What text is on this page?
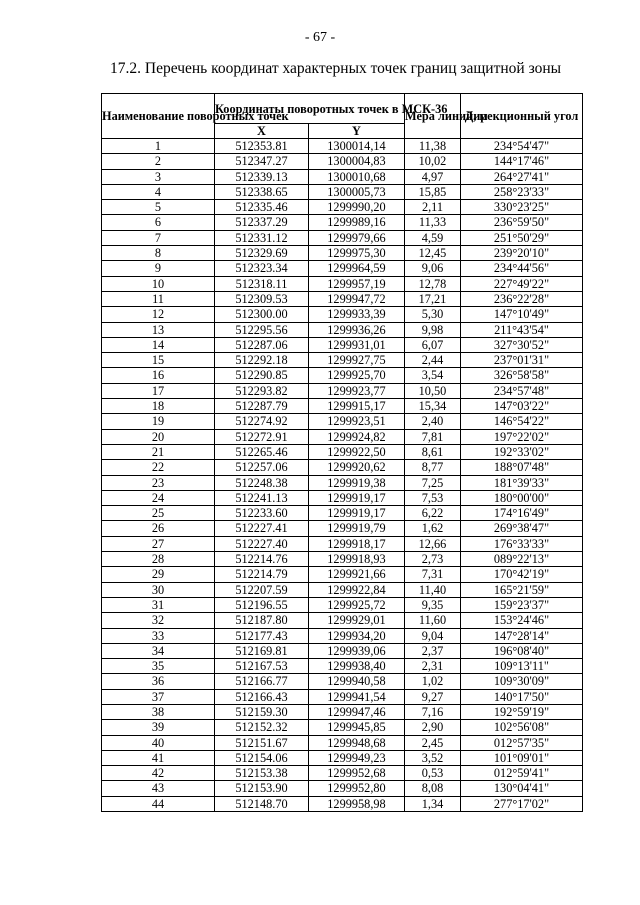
- 67 -
17.2. Перечень координат характерных точек границ защитной зоны
Наименование поворотных точек	Координаты поворотных точек в МСК-36		Мера линий, м	Дирекционный угол
	X	Y		
1	512353.81	1300014,14	11,38	234°54'47"
2	512347.27	1300004,83	10,02	144°17'46"
3	512339.13	1300010,68	4,97	264°27'41"
4	512338.65	1300005,73	15,85	258°23'33"
5	512335.46	1299990,20	2,11	330°23'25"
6	512337.29	1299989,16	11,33	236°59'50"
7	512331.12	1299979,66	4,59	251°50'29"
8	512329.69	1299975,30	12,45	239°20'10"
9	512323.34	1299964,59	9,06	234°44'56"
10	512318.11	1299957,19	12,78	227°49'22"
11	512309.53	1299947,72	17,21	236°22'28"
12	512300.00	1299933,39	5,30	147°10'49"
13	512295.56	1299936,26	9,98	211°43'54"
14	512287.06	1299931,01	6,07	327°30'52"
15	512292.18	1299927,75	2,44	237°01'31"
16	512290.85	1299925,70	3,54	326°58'58"
17	512293.82	1299923,77	10,50	234°57'48"
18	512287.79	1299915,17	15,34	147°03'22"
19	512274.92	1299923,51	2,40	146°54'22"
20	512272.91	1299924,82	7,81	197°22'02"
21	512265.46	1299922,50	8,61	192°33'02"
22	512257.06	1299920,62	8,77	188°07'48"
23	512248.38	1299919,38	7,25	181°39'33"
24	512241.13	1299919,17	7,53	180°00'00"
25	512233.60	1299919,17	6,22	174°16'49"
26	512227.41	1299919,79	1,62	269°38'47"
27	512227.40	1299918,17	12,66	176°33'33"
28	512214.76	1299918,93	2,73	089°22'13"
29	512214.79	1299921,66	7,31	170°42'19"
30	512207.59	1299922,84	11,40	165°21'59"
31	512196.55	1299925,72	9,35	159°23'37"
32	512187.80	1299929,01	11,60	153°24'46"
33	512177.43	1299934,20	9,04	147°28'14"
34	512169.81	1299939,06	2,37	196°08'40"
35	512167.53	1299938,40	2,31	109°13'11"
36	512166.77	1299940,58	1,02	109°30'09"
37	512166.43	1299941,54	9,27	140°17'50"
38	512159.30	1299947,46	7,16	192°59'19"
39	512152.32	1299945,85	2,90	102°56'08"
40	512151.67	1299948,68	2,45	012°57'35"
41	512154.06	1299949,23	3,52	101°09'01"
42	512153.38	1299952,68	0,53	012°59'41"
43	512153.90	1299952,80	8,08	130°04'41"
44	512148.70	1299958,98	1,34	277°17'02"
